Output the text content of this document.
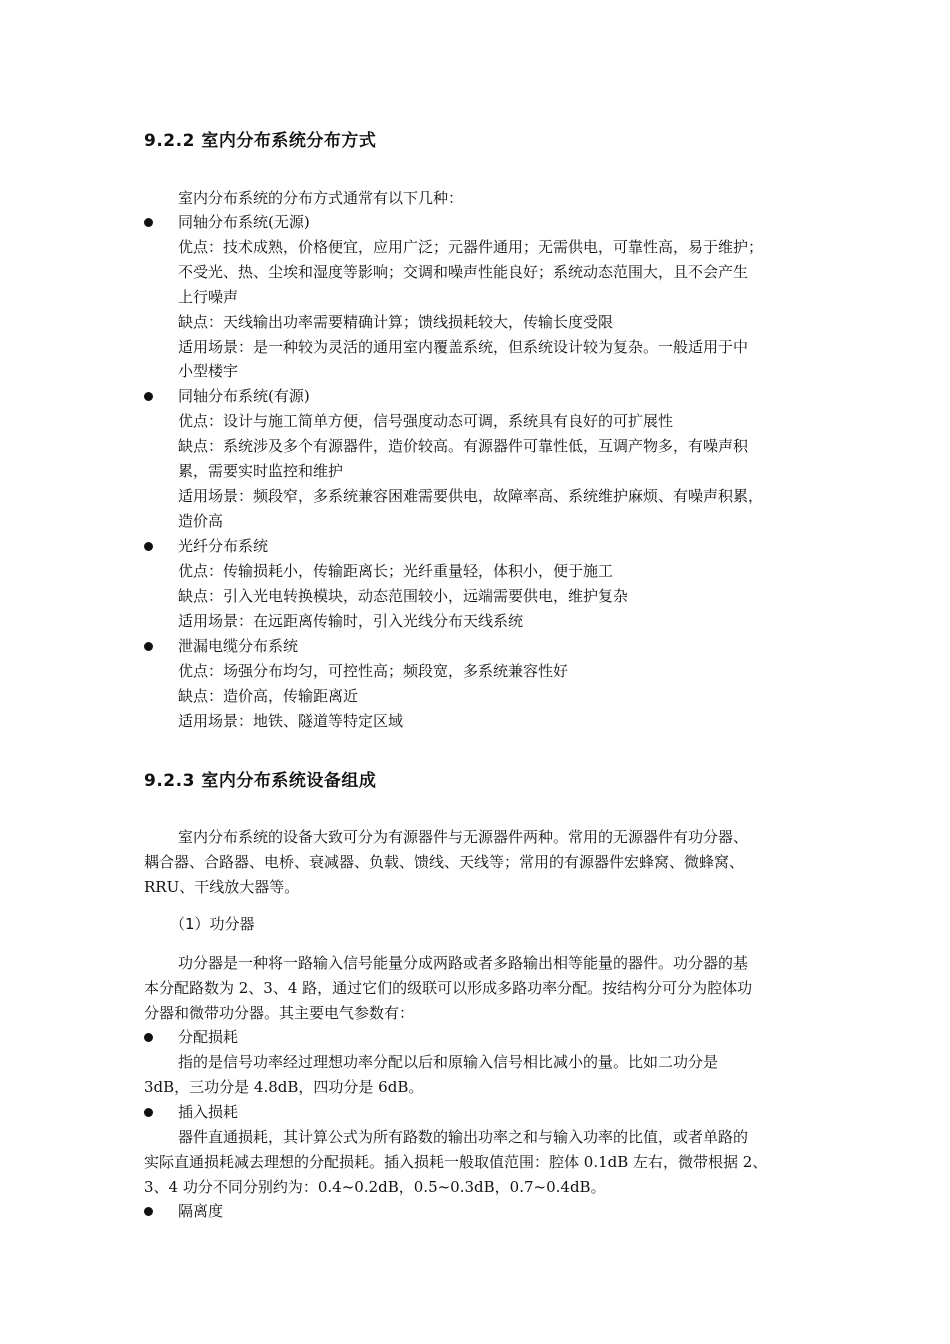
9.2.2 室内分布系统分布方式
室内分布系统的分布方式通常有以下几种：
同轴分布系统(无源)
优点：技术成熟，价格便宜，应用广泛；元器件通用；无需供电，可靠性高，易于维护；
不受光、热、尘埃和湿度等影响；交调和噪声性能良好；系统动态范围大，且不会产生
上行噪声
缺点：天线输出功率需要精确计算；馈线损耗较大，传输长度受限
适用场景：是一种较为灵活的通用室内覆盖系统，但系统设计较为复杂。一般适用于中
小型楼宇
同轴分布系统(有源)
优点：设计与施工简单方便，信号强度动态可调，系统具有良好的可扩展性
缺点：系统涉及多个有源器件，造价较高。有源器件可靠性低，互调产物多，有噪声积
累，需要实时监控和维护
适用场景：频段窄，多系统兼容困难需要供电，故障率高、系统维护麻烦、有噪声积累，
造价高
光纤分布系统
优点：传输损耗小，传输距离长；光纤重量轻，体积小，便于施工
缺点：引入光电转换模块，动态范围较小，远端需要供电，维护复杂
适用场景：在远距离传输时，引入光线分布天线系统
泄漏电缆分布系统
优点：场强分布均匀，可控性高；频段宽，多系统兼容性好
缺点：造价高，传输距离近
适用场景：地铁、隧道等特定区域
9.2.3 室内分布系统设备组成
室内分布系统的设备大致可分为有源器件与无源器件两种。常用的无源器件有功分器、
耦合器、合路器、电桥、衰减器、负载、馈线、天线等；常用的有源器件宏蜂窝、微蜂窝、
RRU、干线放大器等。
（1）功分器
功分器是一种将一路输入信号能量分成两路或者多路输出相等能量的器件。功分器的基
本分配路数为 2、3、4 路，通过它们的级联可以形成多路功率分配。按结构分可分为腔体功
分器和微带功分器。其主要电气参数有：
分配损耗
指的是信号功率经过理想功率分配以后和原输入信号相比减小的量。比如二功分是
3dB，三功分是 4.8dB，四功分是 6dB。
插入损耗
器件直通损耗，其计算公式为所有路数的输出功率之和与输入功率的比值，或者单路的
实际直通损耗减去理想的分配损耗。插入损耗一般取值范围：腔体 0.1dB 左右，微带根据 2、
3、4 功分不同分别约为：0.4~0.2dB，0.5~0.3dB，0.7~0.4dB。
隔离度
